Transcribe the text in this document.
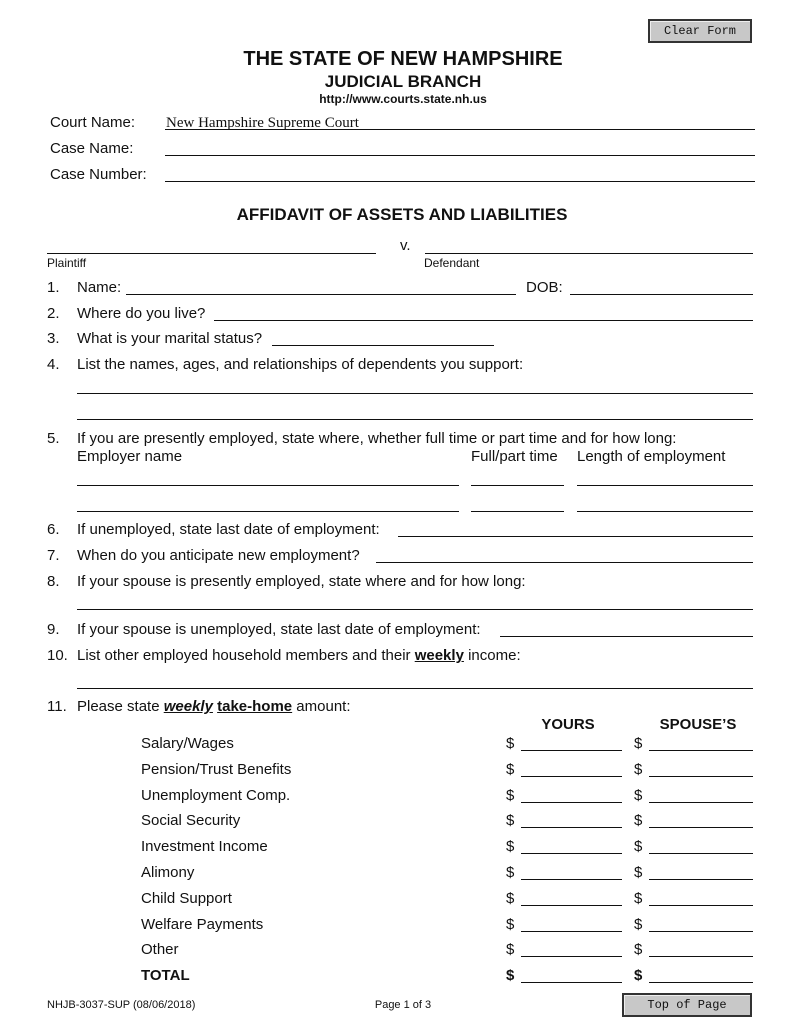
Clear Form
THE STATE OF NEW HAMPSHIRE
JUDICIAL BRANCH
http://www.courts.state.nh.us
Court Name: New Hampshire Supreme Court
Case Name:
Case Number:
AFFIDAVIT OF ASSETS AND LIABILITIES
v.
Plaintiff	Defendant
1. Name:	DOB:
2. Where do you live?
3. What is your marital status?
4. List the names, ages, and relationships of dependents you support:
5. If you are presently employed, state where, whether full time or part time and for how long:
Employer name	Full/part time Length of employment
6. If unemployed, state last date of employment:
7. When do you anticipate new employment?
8. If your spouse is presently employed, state where and for how long:
9. If your spouse is unemployed, state last date of employment:
10. List other employed household members and their weekly income:
11. Please state weekly take-home amount:
YOURS	SPOUSE’S
Salary/Wages	$	$
Pension/Trust Benefits	$	$
Unemployment Comp.	$	$
Social Security	$	$
Investment Income	$	$
Alimony	$	$
Child Support	$	$
Welfare Payments	$	$
Other	$	$
TOTAL	$	$
NHJB-3037-SUP (08/06/2018)	Page 1 of 3	Top of Page
